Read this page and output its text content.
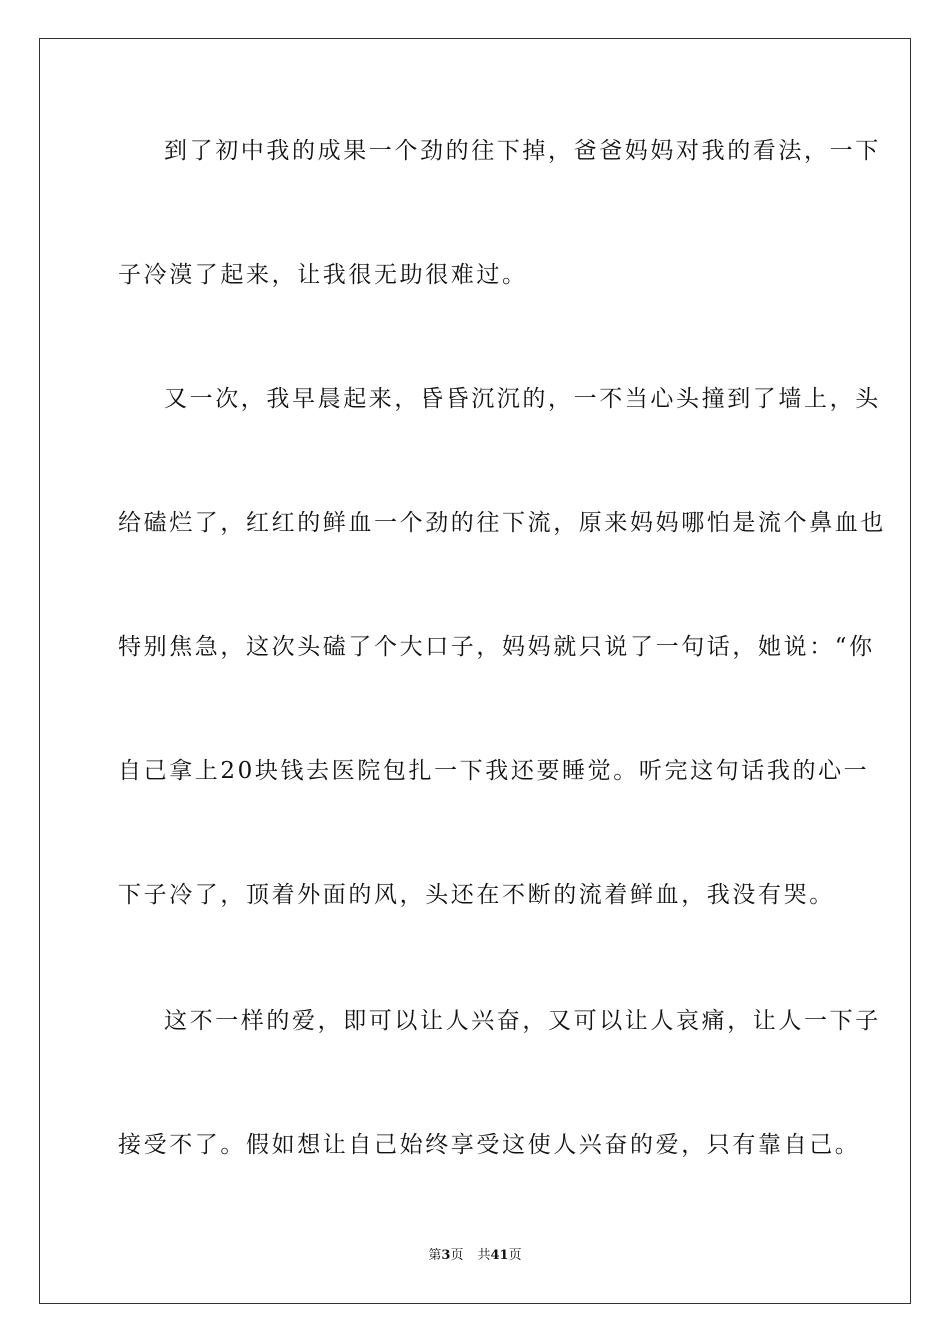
到了初中我的成果一个劲的往下掉，爸爸妈妈对我的看法，一下
子冷漠了起来，让我很无助很难过。
又一次，我早晨起来，昏昏沉沉的，一不当心头撞到了墙上，头
给磕烂了，红红的鲜血一个劲的往下流，原来妈妈哪怕是流个鼻血也
特别焦急，这次头磕了个大口子，妈妈就只说了一句话，她说：“你
自己拿上20块钱去医院包扎一下我还要睡觉。听完这句话我的心一
下子冷了，顶着外面的风，头还在不断的流着鲜血，我没有哭。
这不一样的爱，即可以让人兴奋，又可以让人哀痛，让人一下子
接受不了。假如想让自己始终享受这使人兴奋的爱，只有靠自己。
第3页 共41页
